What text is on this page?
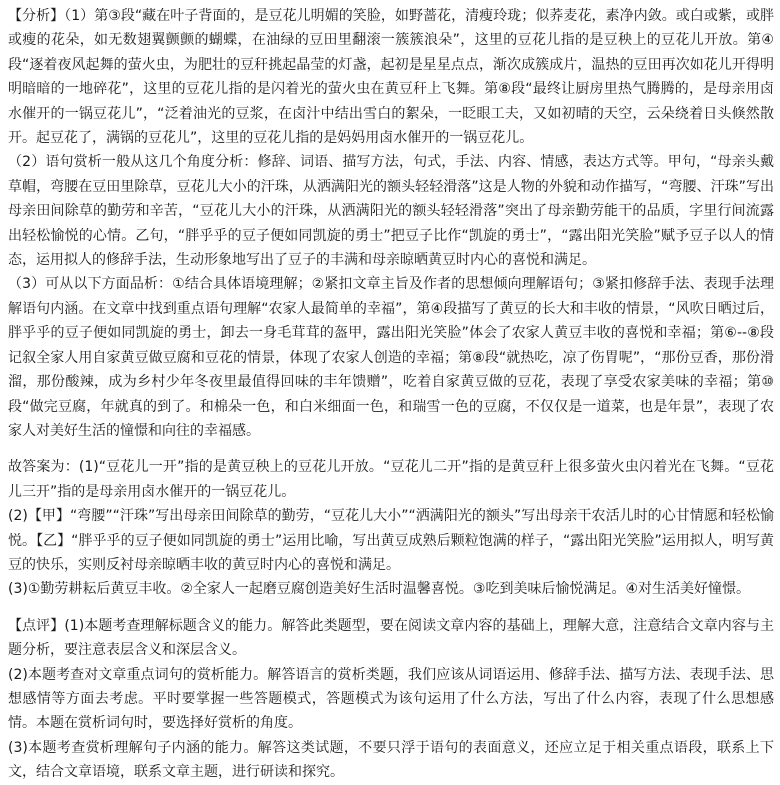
【分析】（1）第③段“藏在叶子背面的，是豆花儿明媚的笑脸，如野蔷花，清瘦玲珑；似荞麦花，素净内敛。或白或紫，或胖或瘦的花朵，如无数翅翼颤颤的蝴蝶，在油绿的豆田里翻滚一簇簇浪朵”，这里的豆花儿指的是豆秧上的豆花儿开放。第④段“逐着夜风起舞的萤火虫，为肥壮的豆秆挑起晶莹的灯盏，起初是星星点点，渐次成簇成片，温热的豆田再次如花儿开得明明暗暗的一地碎花”，这里的豆花儿指的是闪着光的萤火虫在黄豆秆上飞舞。第⑧段“最终让厨房里热气腾腾的，是母亲用卤水催开的一锅豆花儿”，“泛着油光的豆浆，在卤汁中结出雪白的絮朵，一眨眼工夫，又如初晴的天空，云朵绕着日头倏然散开。起豆花了，满锅的豆花儿”，这里的豆花儿指的是妈妈用卤水催开的一锅豆花儿。

（2）语句赏析一般从这几个角度分析：修辞、词语、描写方法，句式，手法、内容、情感，表达方式等。甲句，“母亲头戴草帽，弯腰在豆田里除草，豆花儿大小的汗珠，从洒满阳光的额头轻轻滑落”这是人物的外貌和动作描写，“弯腰、汗珠”写出母亲田间除草的勤劳和辛苦，“豆花儿大小的汗珠，从洒满阳光的额头轻轻滑落”突出了母亲勤劳能干的品质，字里行间流露出轻松愉悦的心情。乙句，“胖乎乎的豆子便如同凯旋的勇士”把豆子比作“凯旋的勇士”，“露出阳光笑脸”赋予豆子以人的情态，运用拟人的修辞手法，生动形象地写出了豆子的丰满和母亲晾晒黄豆时内心的喜悦和满足。

（3）可从以下方面品析：①结合具体语境理解；②紧扣文章主旨及作者的思想倾向理解语句；③紧扣修辞手法、表现手法理解语句内涵。在文章中找到重点语句理解“农家人最简单的幸福”，第④段描写了黄豆的长大和丰收的情景，“风吹日晒过后，胖乎乎的豆子便如同凯旋的勇士，卸去一身毛茸茸的盔甲，露出阳光笑脸”体会了农家人黄豆丰收的喜悦和幸福；第⑥--⑧段记叙全家人用自家黄豆做豆腐和豆花的情景，体现了农家人创造的幸福；第⑧段“就热吃，凉了伤胃呢”，“那份豆香，那份滑溜，那份酸辣，成为乡村少年冬夜里最值得回味的丰年馈赠”，吃着自家黄豆做的豆花，表现了享受农家美味的幸福；第⑩段“做完豆腐，年就真的到了。和棉朵一色，和白米细面一色，和瑞雪一色的豆腐，不仅仅是一道菜，也是年景”，表现了农家人对美好生活的憧憬和向往的幸福感。

故答案为：(1)“豆花儿一开”指的是黄豆秧上的豆花儿开放。“豆花儿二开”指的是黄豆秆上很多萤火虫闪着光在飞舞。“豆花儿三开”指的是母亲用卤水催开的一锅豆花儿。

(2)【甲】“弯腰”“汗珠”写出母亲田间除草的勤劳，“豆花儿大小”“洒满阳光的额头”写出母亲干农活儿时的心甘情愿和轻松愉悦。【乙】“胖乎乎的豆子便如同凯旋的勇士”运用比喻，写出黄豆成熟后颗粒饱满的样子，“露出阳光笑脸”运用拟人，明写黄豆的快乐，实则反衬母亲晾晒丰收的黄豆时内心的喜悦和满足。

(3)①勤劳耕耘后黄豆丰收。②全家人一起磨豆腐创造美好生活时温馨喜悦。③吃到美味后愉悦满足。④对生活美好憧憬。

【点评】(1)本题考查理解标题含义的能力。解答此类题型，要在阅读文章内容的基础上，理解大意，注意结合文章内容与主题分析，要注意表层含义和深层含义。

(2)本题考查对文章重点词句的赏析能力。解答语言的赏析类题，我们应该从词语运用、修辞手法、描写方法、表现手法、思想感情等方面去考虑。平时要掌握一些答题模式，答题模式为该句运用了什么方法，写出了什么内容，表现了什么思想感情。本题在赏析词句时，要选择好赏析的角度。

(3)本题考查赏析理解句子内涵的能力。解答这类试题，不要只浮于语句的表面意义，还应立足于相关重点语段，联系上下文，结合文章语境，联系文章主题，进行研读和探究。
